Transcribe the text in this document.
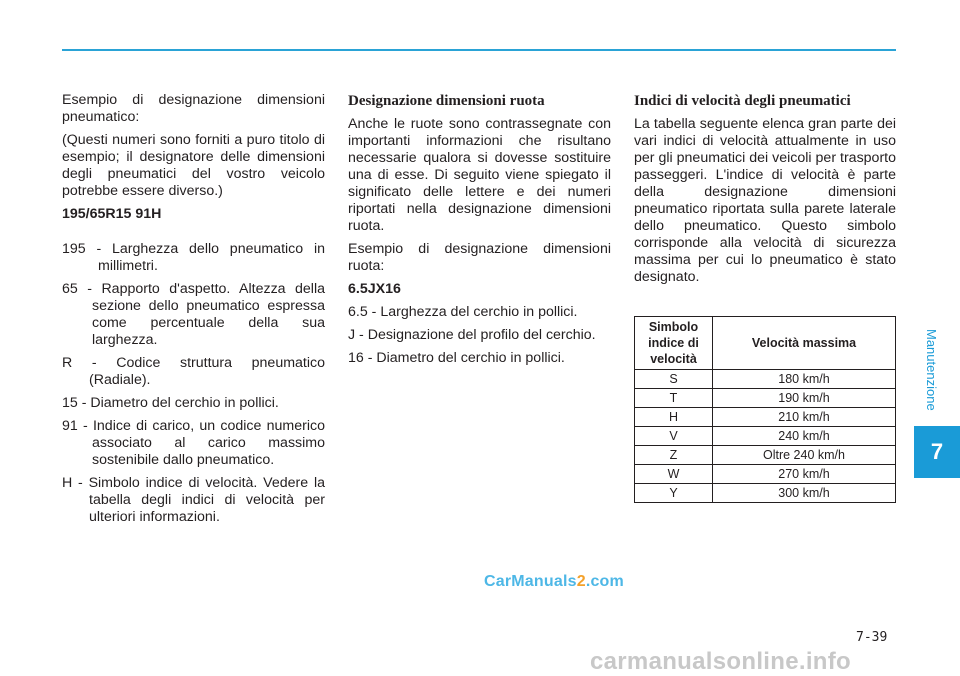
Manutenzione
7

Esempio di designazione dimensioni pneumatico:

(Questi numeri sono forniti a puro titolo di esempio; il designatore delle dimensioni degli pneumatici del vostro veicolo potrebbe essere diverso.)

195/65R15 91H

195 - Larghezza dello pneumatico in millimetri.

65 - Rapporto d'aspetto. Altezza della sezione dello pneumatico espressa come percentuale della sua larghezza.

R - Codice struttura pneumatico (Radiale).

15 - Diametro del cerchio in pollici.

91 - Indice di carico, un codice numerico associato al carico massimo sostenibile dallo pneumatico.

H - Simbolo indice di velocità. Vedere la tabella degli indici di velocità per ulteriori informazioni.

Designazione dimensioni ruota

Anche le ruote sono contrassegnate con importanti informazioni che risultano necessarie qualora si dovesse sostituire una di esse. Di seguito viene spiegato il significato delle lettere e dei numeri riportati nella designazione dimensioni ruota.

Esempio di designazione dimensioni ruota:

6.5JX16

6.5 - Larghezza del cerchio in pollici.

J - Designazione del profilo del cerchio.

16 - Diametro del cerchio in pollici.

Indici di velocità degli pneumatici

La tabella seguente elenca gran parte dei vari indici di velocità attualmente in uso per gli pneumatici dei veicoli per trasporto passeggeri. L'indice di velocità è parte della designazione dimensioni pneumatico riportata sulla parete laterale dello pneumatico. Questo simbolo corrisponde alla velocità di sicurezza massima per cui lo pneumatico è stato designato.

Simbolo indice di velocità	Velocità massima
S	180 km/h
T	190 km/h
H	210 km/h
V	240 km/h
Z	Oltre 240 km/h
W	270 km/h
Y	300 km/h
CarManuals2.com
7-39
carmanualsonline.info
